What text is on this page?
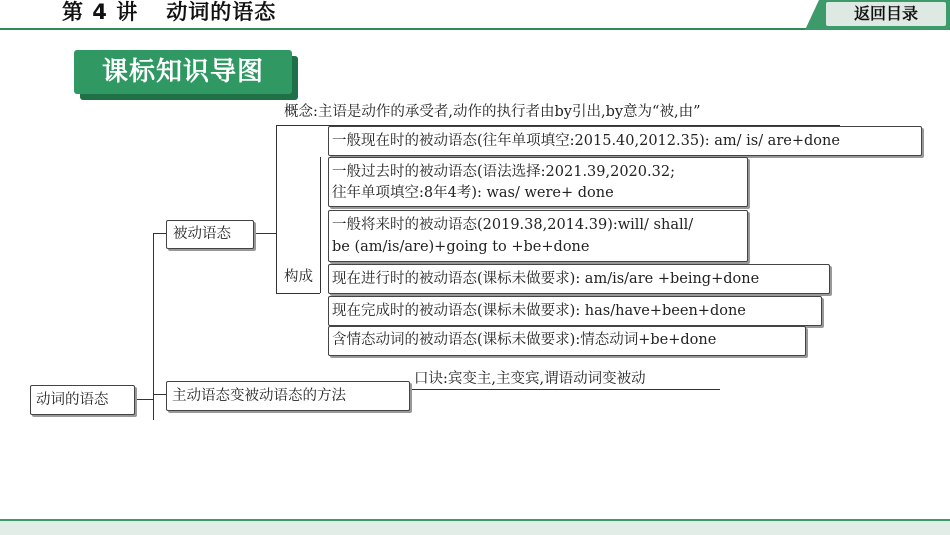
第 4 讲 动词的语态	返回目录
课标知识导图
动词的语态
被动语态
概念:主语是动作的承受者,动作的执行者由by引出,by意为“被,由”
构成
一般现在时的被动语态(往年单项填空:2015.40,2012.35): am/ is/ are+done
一般过去时的被动语态(语法选择:2021.39,2020.32;
往年单项填空:8年4考): was/ were+ done
一般将来时的被动语态(2019.38,2014.39):will/ shall/
be (am/is/are)+going to +be+done
现在进行时的被动语态(课标未做要求): am/is/are +being+done
现在完成时的被动语态(课标未做要求): has/have+been+done
含情态动词的被动语态(课标未做要求):情态动词+be+done
主动语态变被动语态的方法
口诀:宾变主,主变宾,谓语动词变被动
